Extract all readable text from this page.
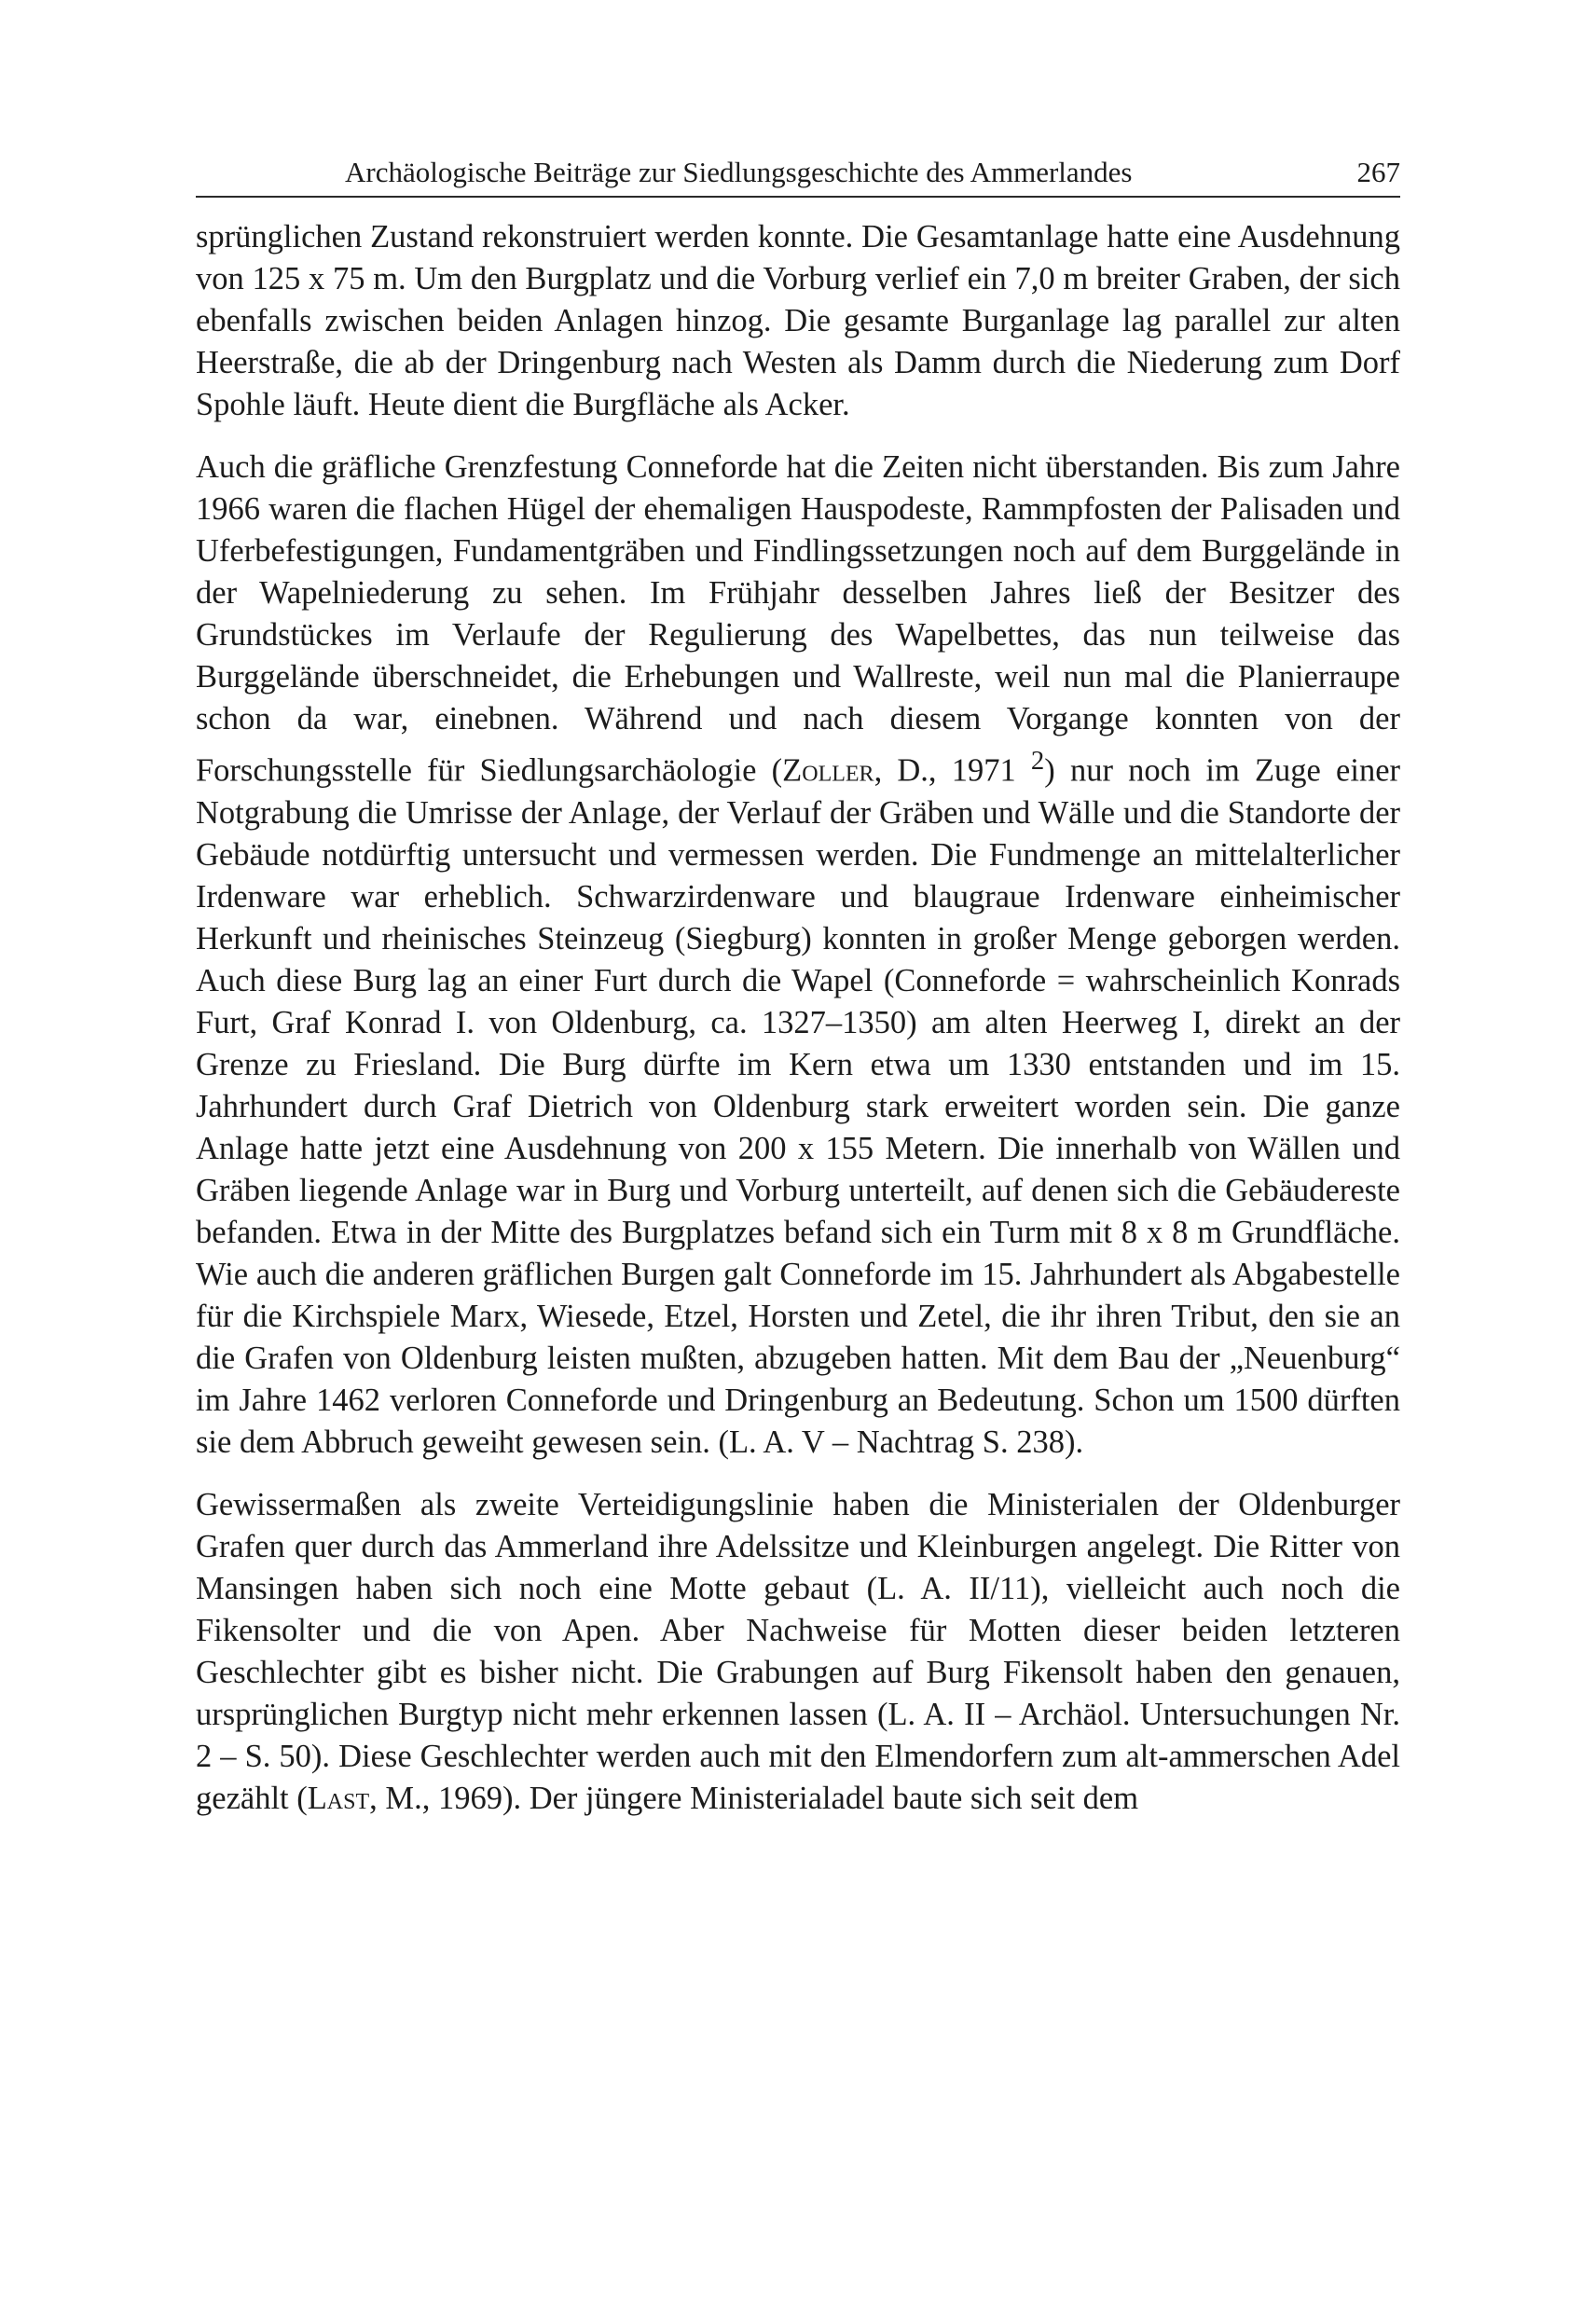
Archäologische Beiträge zur Siedlungsgeschichte des Ammerlandes	267

sprünglichen Zustand rekonstruiert werden konnte. Die Gesamtanlage hatte eine Ausdehnung von 125 x 75 m. Um den Burgplatz und die Vorburg verlief ein 7,0 m breiter Graben, der sich ebenfalls zwischen beiden Anlagen hinzog. Die gesamte Burganlage lag parallel zur alten Heerstraße, die ab der Dringenburg nach Westen als Damm durch die Niederung zum Dorf Spohle läuft. Heute dient die Burgfläche als Acker.

Auch die gräfliche Grenzfestung Conneforde hat die Zeiten nicht überstanden. Bis zum Jahre 1966 waren die flachen Hügel der ehemaligen Hauspodeste, Rammpfosten der Palisaden und Uferbefestigungen, Fundamentgräben und Findlingssetzungen noch auf dem Burggelände in der Wapelniederung zu sehen. Im Frühjahr desselben Jahres ließ der Besitzer des Grundstückes im Verlaufe der Regulierung des Wapelbettes, das nun teilweise das Burggelände überschneidet, die Erhebungen und Wallreste, weil nun mal die Planierraupe schon da war, einebnen. Während und nach diesem Vorgange konnten von der Forschungsstelle für Siedlungsarchäologie (Zoller, D., 1971 $^2$) nur noch im Zuge einer Notgrabung die Umrisse der Anlage, der Verlauf der Gräben und Wälle und die Standorte der Gebäude notdürftig untersucht und vermessen werden. Die Fundmenge an mittelalterlicher Irdenware war erheblich. Schwarzirdenware und blaugraue Irdenware einheimischer Herkunft und rheinisches Steinzeug (Siegburg) konnten in großer Menge geborgen werden. Auch diese Burg lag an einer Furt durch die Wapel (Conneforde = wahrscheinlich Konrads Furt, Graf Konrad I. von Oldenburg, ca. 1327–1350) am alten Heerweg I, direkt an der Grenze zu Friesland. Die Burg dürfte im Kern etwa um 1330 entstanden und im 15. Jahrhundert durch Graf Dietrich von Oldenburg stark erweitert worden sein. Die ganze Anlage hatte jetzt eine Ausdehnung von 200 x 155 Metern. Die innerhalb von Wällen und Gräben liegende Anlage war in Burg und Vorburg unterteilt, auf denen sich die Gebäudereste befanden. Etwa in der Mitte des Burgplatzes befand sich ein Turm mit 8 x 8 m Grundfläche. Wie auch die anderen gräflichen Burgen galt Conneforde im 15. Jahrhundert als Abgabestelle für die Kirchspiele Marx, Wiesede, Etzel, Horsten und Zetel, die ihr ihren Tribut, den sie an die Grafen von Oldenburg leisten mußten, abzugeben hatten. Mit dem Bau der „Neuenburg“ im Jahre 1462 verloren Conneforde und Dringenburg an Bedeutung. Schon um 1500 dürften sie dem Abbruch geweiht gewesen sein. (L. A. V – Nachtrag S. 238).

Gewissermaßen als zweite Verteidigungslinie haben die Ministerialen der Oldenburger Grafen quer durch das Ammerland ihre Adelssitze und Kleinburgen angelegt. Die Ritter von Mansingen haben sich noch eine Motte gebaut (L. A. II/11), vielleicht auch noch die Fikensolter und die von Apen. Aber Nachweise für Motten dieser beiden letzteren Geschlechter gibt es bisher nicht. Die Grabungen auf Burg Fikensolt haben den genauen, ursprünglichen Burgtyp nicht mehr erkennen lassen (L. A. II – Archäol. Untersuchungen Nr. 2 – S. 50). Diese Geschlechter werden auch mit den Elmendorfern zum alt-ammerschen Adel gezählt (Last, M., 1969). Der jüngere Ministerialadel baute sich seit dem
